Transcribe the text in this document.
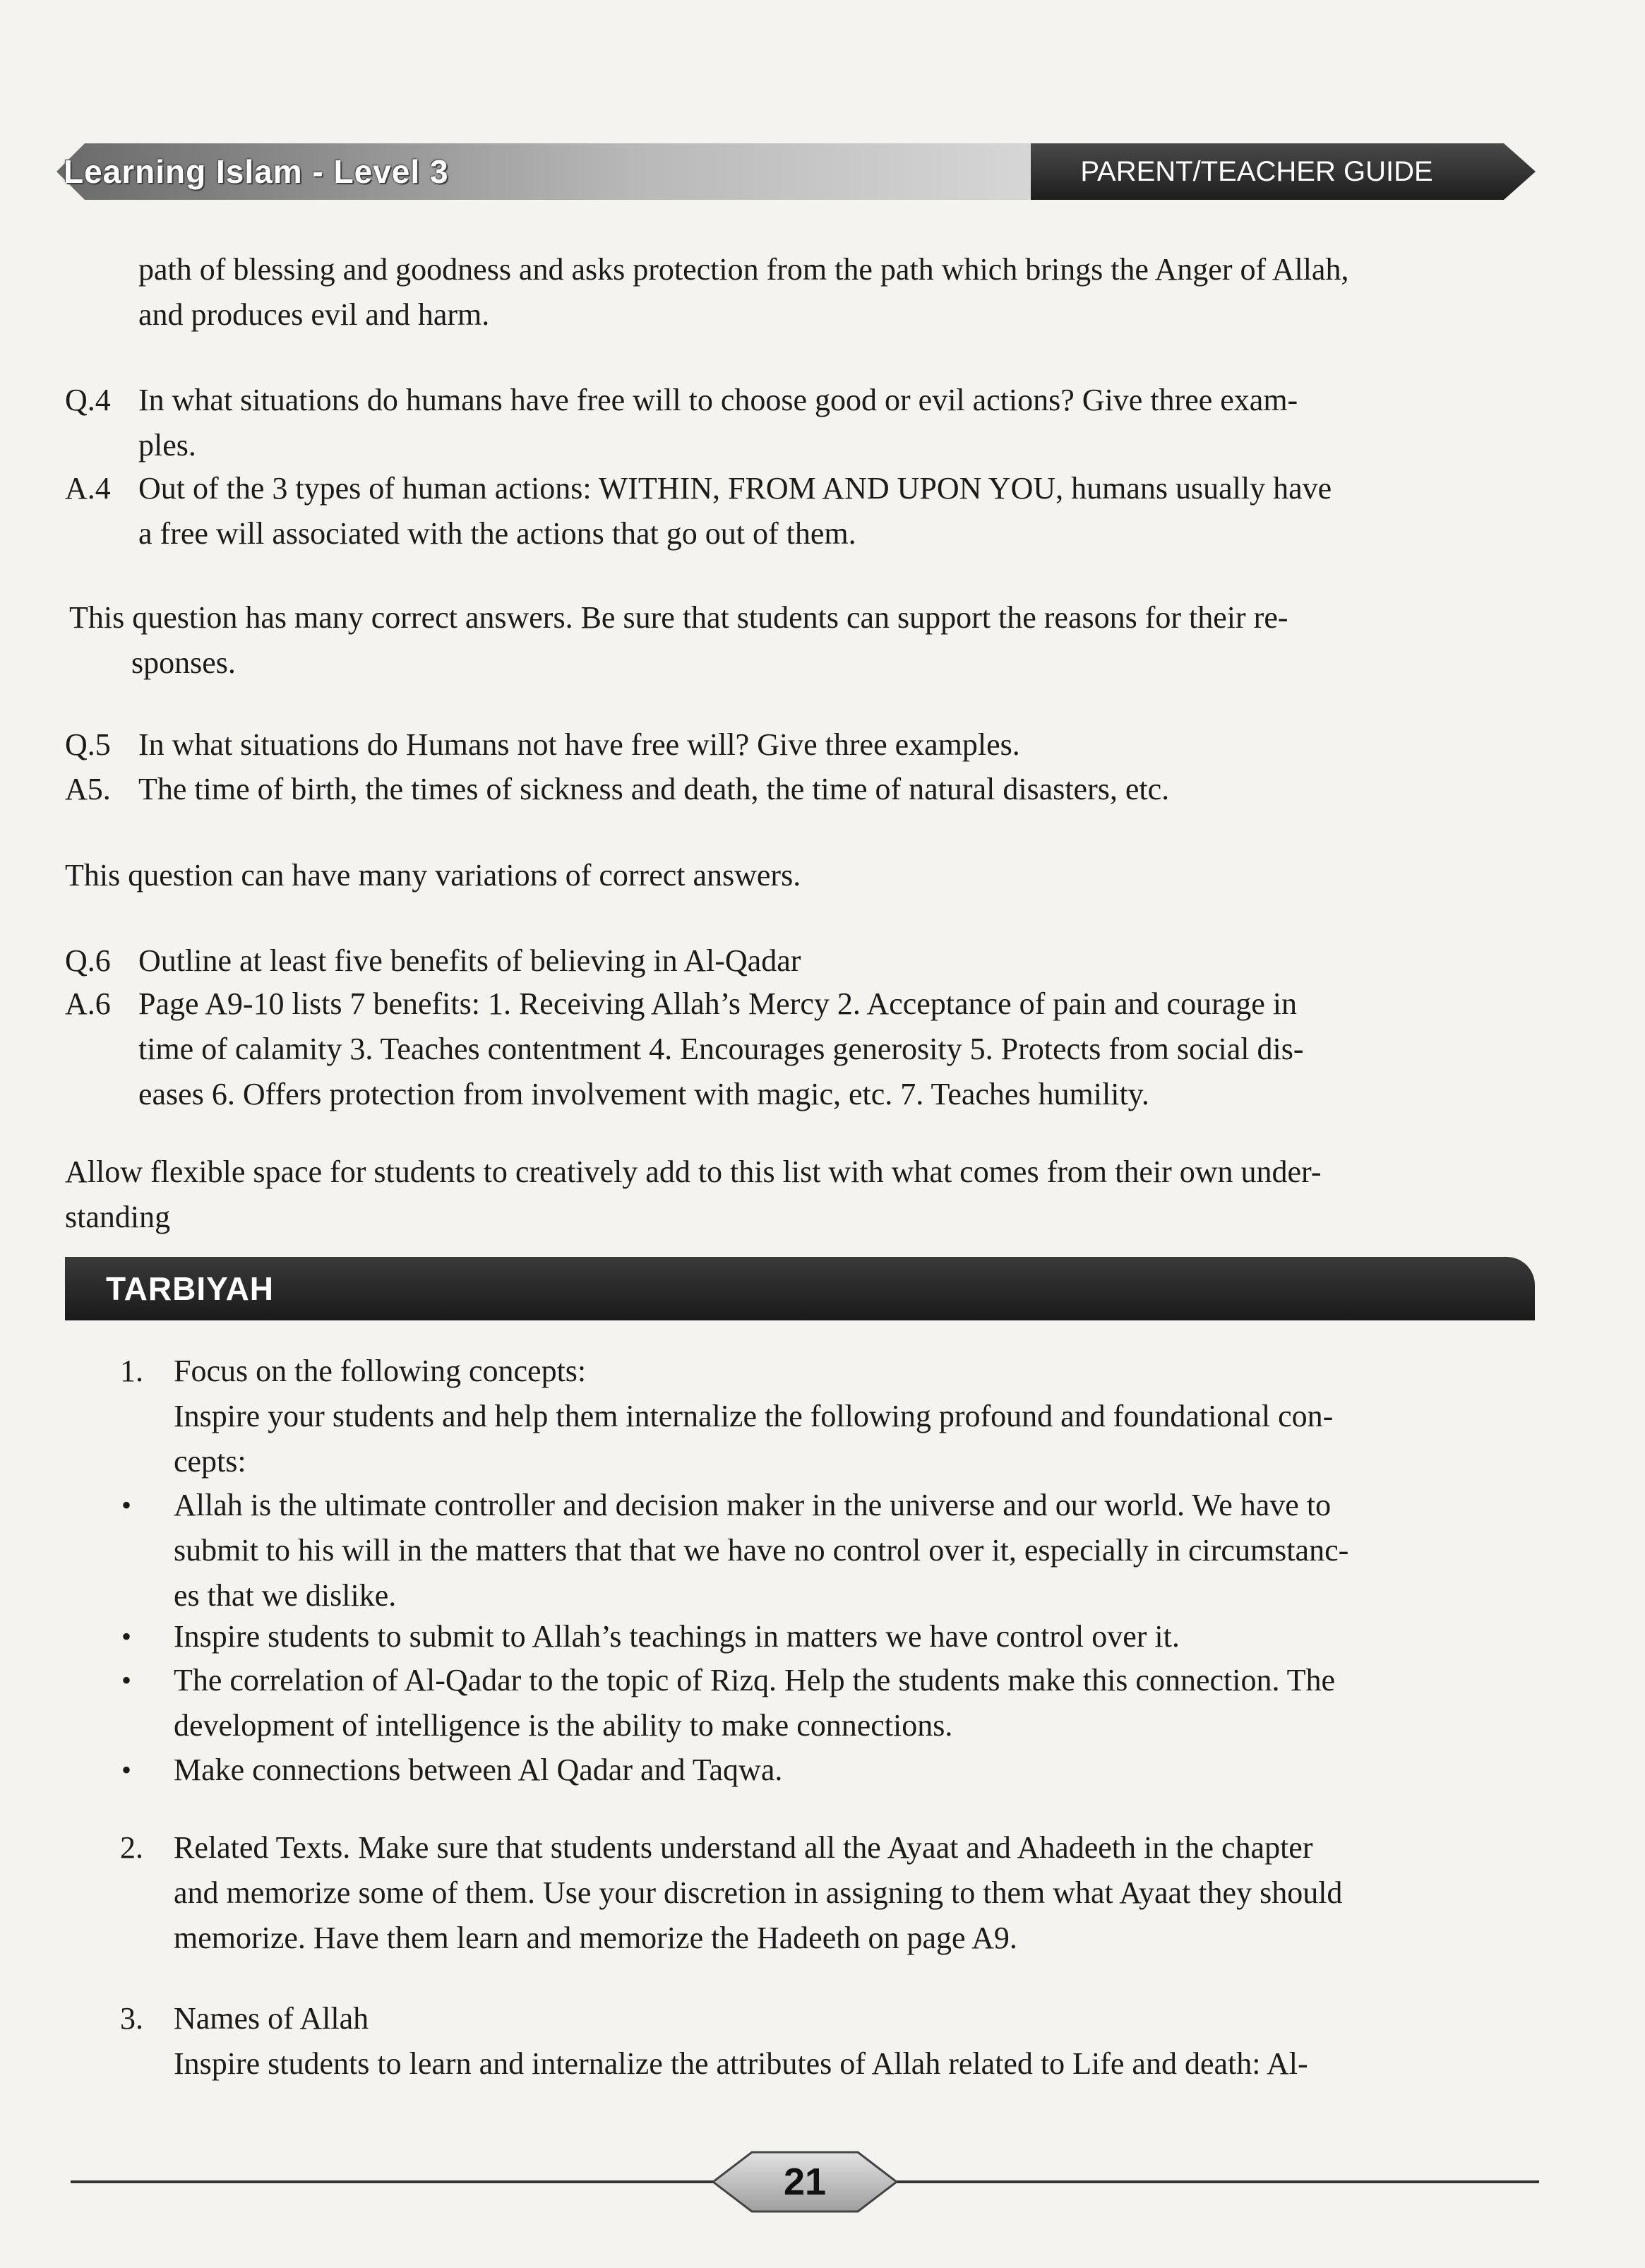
Learning Islam - Level 3	PARENT/TEACHER GUIDE
path of blessing and goodness and asks protection from the path which brings the Anger of Allah,
and produces evil and harm.
Q.4 In what situations do humans have free will to choose good or evil actions? Give three exam-
ples.
A.4 Out of the 3 types of human actions: WITHIN, FROM AND UPON YOU, humans usually have
a free will associated with the actions that go out of them.
This question has many correct answers. Be sure that students can support the reasons for their re-
sponses.
Q.5 In what situations do Humans not have free will? Give three examples.
A5. The time of birth, the times of sickness and death, the time of natural disasters, etc.
This question can have many variations of correct answers.
Q.6 Outline at least five benefits of believing in Al-Qadar
A.6 Page A9-10 lists 7 benefits: 1. Receiving Allah’s Mercy 2. Acceptance of pain and courage in
time of calamity 3. Teaches contentment 4. Encourages generosity 5. Protects from social dis-
eases 6. Offers protection from involvement with magic, etc. 7. Teaches humility.
Allow flexible space for students to creatively add to this list with what comes from their own under-
standing
TARBIYAH
1. Focus on the following concepts:
Inspire your students and help them internalize the following profound and foundational con-
cepts:
• Allah is the ultimate controller and decision maker in the universe and our world. We have to
submit to his will in the matters that that we have no control over it, especially in circumstanc-
es that we dislike.
• Inspire students to submit to Allah’s teachings in matters we have control over it.
• The correlation of Al-Qadar to the topic of Rizq. Help the students make this connection. The
development of intelligence is the ability to make connections.
• Make connections between Al Qadar and Taqwa.
2. Related Texts. Make sure that students understand all the Ayaat and Ahadeeth in the chapter
and memorize some of them. Use your discretion in assigning to them what Ayaat they should
memorize. Have them learn and memorize the Hadeeth on page A9.
3. Names of Allah
Inspire students to learn and internalize the attributes of Allah related to Life and death: Al-
21
